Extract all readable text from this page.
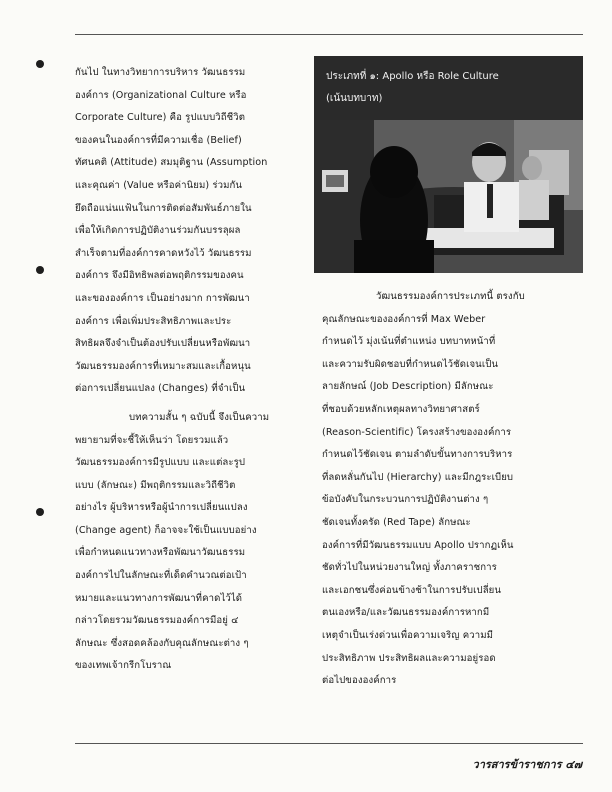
กันไป ในทางวิทยาการบริหาร วัฒนธรรม
องค์การ (Organizational Culture หรือ
Corporate Culture) คือ รูปแบบวิถีชีวิต
ของคนในองค์การที่มีความเชื่อ (Belief)
ทัศนคติ (Attitude) สมมุติฐาน (Assumption
และคุณค่า (Value หรือค่านิยม) ร่วมกัน
ยึดถือแน่นแฟ้นในการติดต่อสัมพันธ์ภายใน
เพื่อให้เกิดการปฏิบัติงานร่วมกันบรรลุผล
สำเร็จตามที่องค์การคาดหวังไว้ วัฒนธรรม
องค์การ จึงมีอิทธิพลต่อพฤติกรรมของคน
และขององค์การ เป็นอย่างมาก การพัฒนา
องค์การ เพื่อเพิ่มประสิทธิภาพและประ
สิทธิผลจึงจำเป็นต้องปรับเปลี่ยนหรือพัฒนา
วัฒนธรรมองค์การที่เหมาะสมและเกื้อหนุน
ต่อการเปลี่ยนแปลง (Changes) ที่จำเป็น

บทความสั้น ๆ ฉบับนี้ จึงเป็นความ
พยายามที่จะชี้ให้เห็นว่า โดยรวมแล้ว
วัฒนธรรมองค์การมีรูปแบบ และแต่ละรูป
แบบ (ลักษณะ) มีพฤติกรรมและวิถีชีวิต
อย่างไร ผู้บริหารหรือผู้นำการเปลี่ยนแปลง
(Change agent) ก็อาจจะใช้เป็นแบบอย่าง
เพื่อกำหนดแนวทางหรือพัฒนาวัฒนธรรม
องค์การไปในลักษณะที่เด็ดคำนวณต่อเป้า
หมายและแนวทางการพัฒนาที่คาดไว้ได้
กล่าวโดยรวมวัฒนธรรมองค์การมีอยู่ ๔
ลักษณะ ซึ่งสอดคล้องกับคุณลักษณะต่าง ๆ
ของเทพเจ้ากรีกโบราณ

ประเภทที่ ๑: Apollo หรือ Role Culture
(เน้นบทบาท)

วัฒนธรรมองค์การประเภทนี้ ตรงกับ
คุณลักษณะขององค์การที่ Max Weber
กำหนดไว้ มุ่งเน้นที่ตำแหน่ง บทบาทหน้าที่
และความรับผิดชอบที่กำหนดไว้ชัดเจนเป็น
ลายลักษณ์ (Job Description) มีลักษณะ
ที่ชอบด้วยหลักเหตุผลทางวิทยาศาสตร์
(Reason-Scientific) โครงสร้างขององค์การ
กำหนดไว้ชัดเจน ตามลำดับขั้นทางการบริหาร
ที่ลดหลั่นกันไป (Hierarchy) และมีกฎระเบียบ
ข้อบังคับในกระบวนการปฏิบัติงานต่าง ๆ
ชัดเจนทั้งครัด (Red Tape) ลักษณะ
องค์การที่มีวัฒนธรรมแบบ Apollo ปรากฏเห็น
ชัดทั่วไปในหน่วยงานใหญ่ ทั้งภาคราชการ
และเอกชนซึ่งค่อนข้างช้าในการปรับเปลี่ยน
ตนเองหรือ/และวัฒนธรรมองค์การหากมี
เหตุจำเป็นเร่งด่วนเพื่อความเจริญ ความมี
ประสิทธิภาพ ประสิทธิผลและความอยู่รอด
ต่อไปขององค์การ

วารสารข้าราชการ ๔๗
